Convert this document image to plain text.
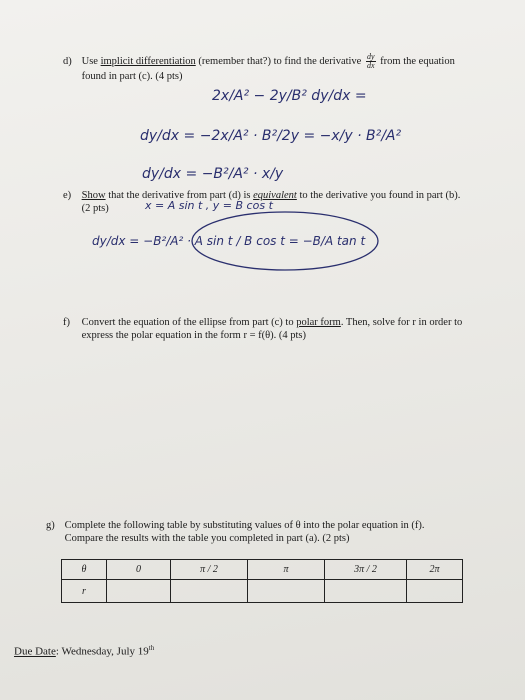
d) Use implicit differentiation (remember that?) to find the derivative $\frac{dy}{dx}$ from the equation
found in part (c). (4 pts)
e) Show that the derivative from part (d) is equivalent to the derivative you found in part (b).
(2 pts)
f) Convert the equation of the ellipse from part (c) to polar form. Then, solve for r in order to
express the polar equation in the form r = f(θ). (4 pts)
g) Complete the following table by substituting values of θ into the polar equation in (f).
Compare the results with the table you completed in part (a). (2 pts)
θ	0	π / 2	π	3π / 2	2π
r					
Due Date: Wednesday, July 19th
2x/A² − 2y/B² dy/dx =
dy/dx = −2x/A² · B²/2y = −x/y · B²/A²
dy/dx = −B²/A² · x/y
x = A sin t , y = B cos t
dy/dx = −B²/A² · A sin t / B cos t = −B/A tan t
